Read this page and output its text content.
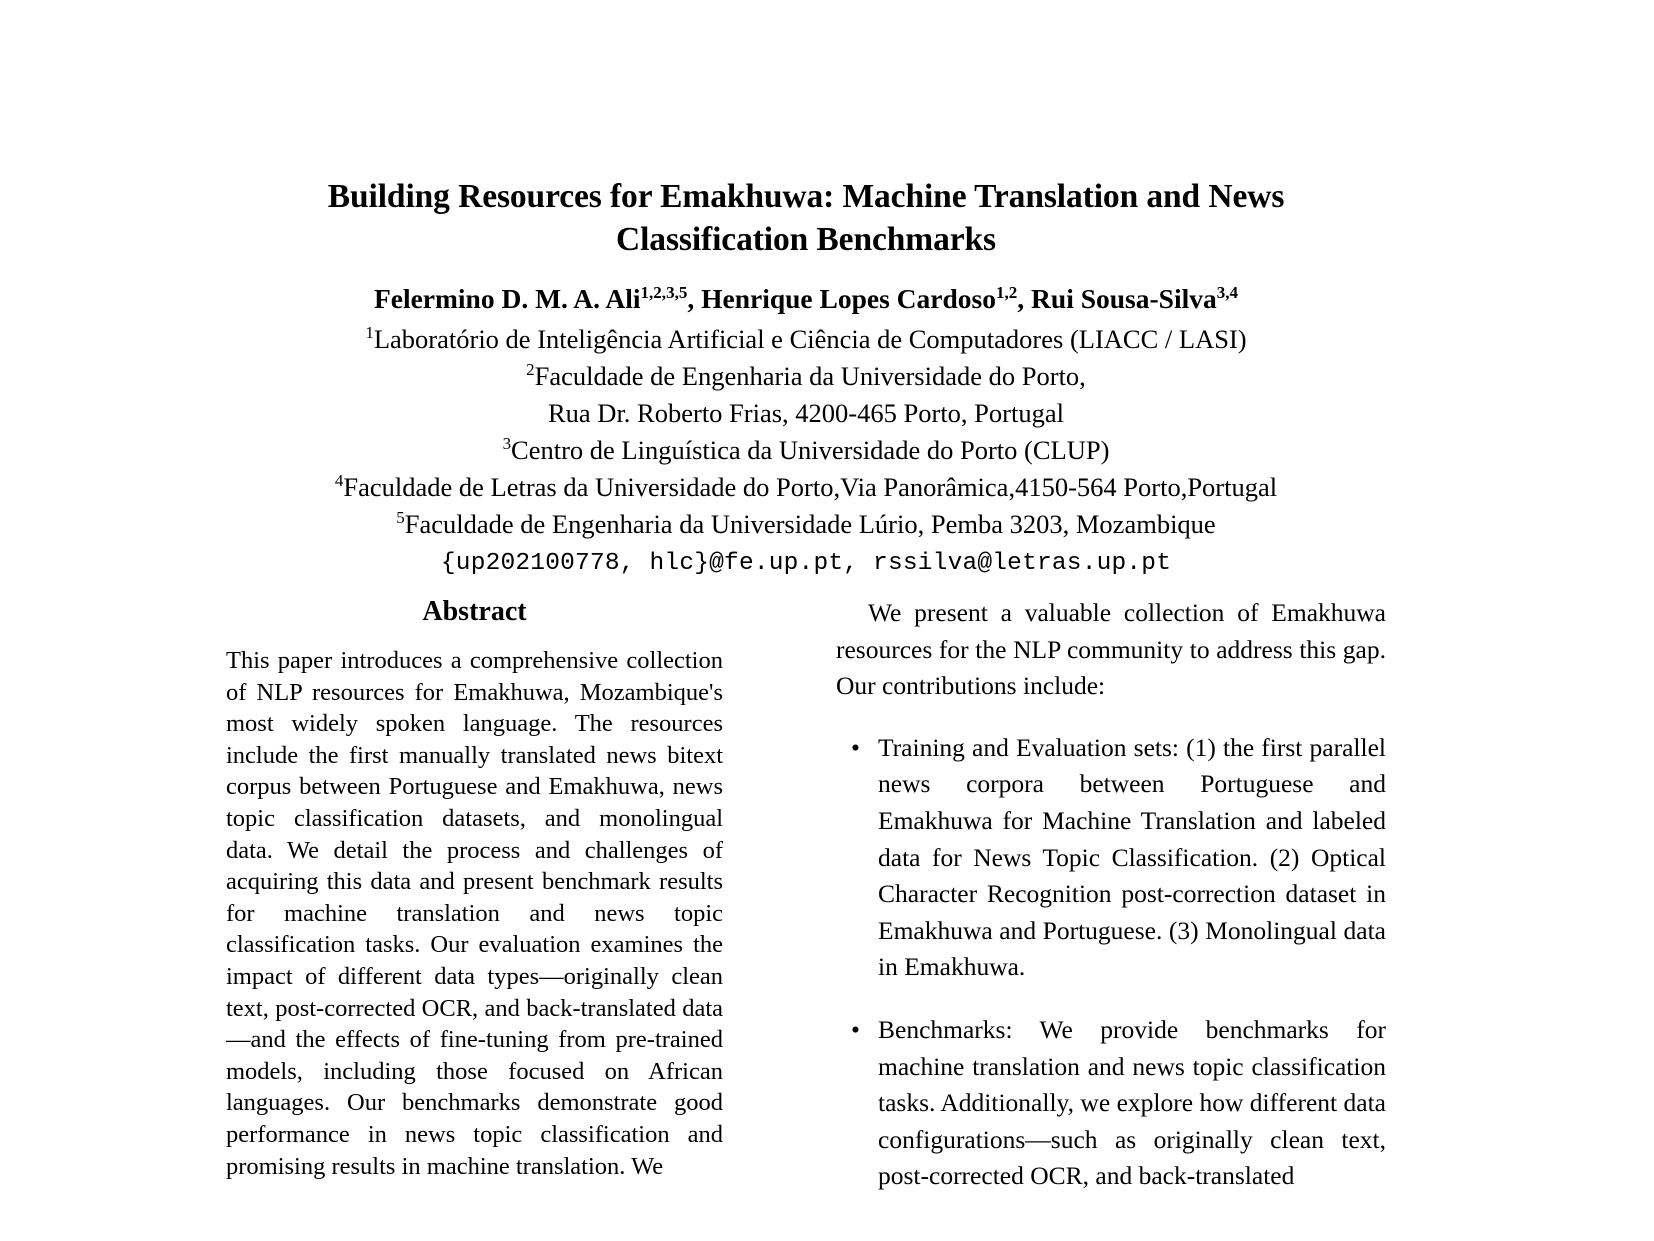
Building Resources for Emakhuwa: Machine Translation and News Classification Benchmarks
Felermino D. M. A. Ali$^{1,2,3,5}$, Henrique Lopes Cardoso$^{1,2}$, Rui Sousa-Silva$^{3,4}$
$^1$Laboratório de Inteligência Artificial e Ciência de Computadores (LIACC / LASI)
$^2$Faculdade de Engenharia da Universidade do Porto,
Rua Dr. Roberto Frias, 4200-465 Porto, Portugal
$^3$Centro de Linguística da Universidade do Porto (CLUP)
$^4$Faculdade de Letras da Universidade do Porto,Via Panorâmica,4150-564 Porto,Portugal
$^5$Faculdade de Engenharia da Universidade Lúrio, Pemba 3203, Mozambique
{up202100778, hlc}@fe.up.pt, rssilva@letras.up.pt
Abstract

This paper introduces a comprehensive collection of NLP resources for Emakhuwa, Mozambique's most widely spoken language. The resources include the first manually translated news bitext corpus between Portuguese and Emakhuwa, news topic classification datasets, and monolingual data. We detail the process and challenges of acquiring this data and present benchmark results for machine translation and news topic classification tasks. Our evaluation examines the impact of different data types—originally clean text, post-corrected OCR, and back-translated data—and the effects of fine-tuning from pre-trained models, including those focused on African languages. Our benchmarks demonstrate good performance in news topic classification and promising results in machine translation. We

We present a valuable collection of Emakhuwa resources for the NLP community to address this gap. Our contributions include:

• Training and Evaluation sets: (1) the first parallel news corpora between Portuguese and Emakhuwa for Machine Translation and labeled data for News Topic Classification. (2) Optical Character Recognition post-correction dataset in Emakhuwa and Portuguese. (3) Monolingual data in Emakhuwa.
• Benchmarks: We provide benchmarks for machine translation and news topic classification tasks. Additionally, we explore how different data configurations—such as originally clean text, post-corrected OCR, and back-translated
